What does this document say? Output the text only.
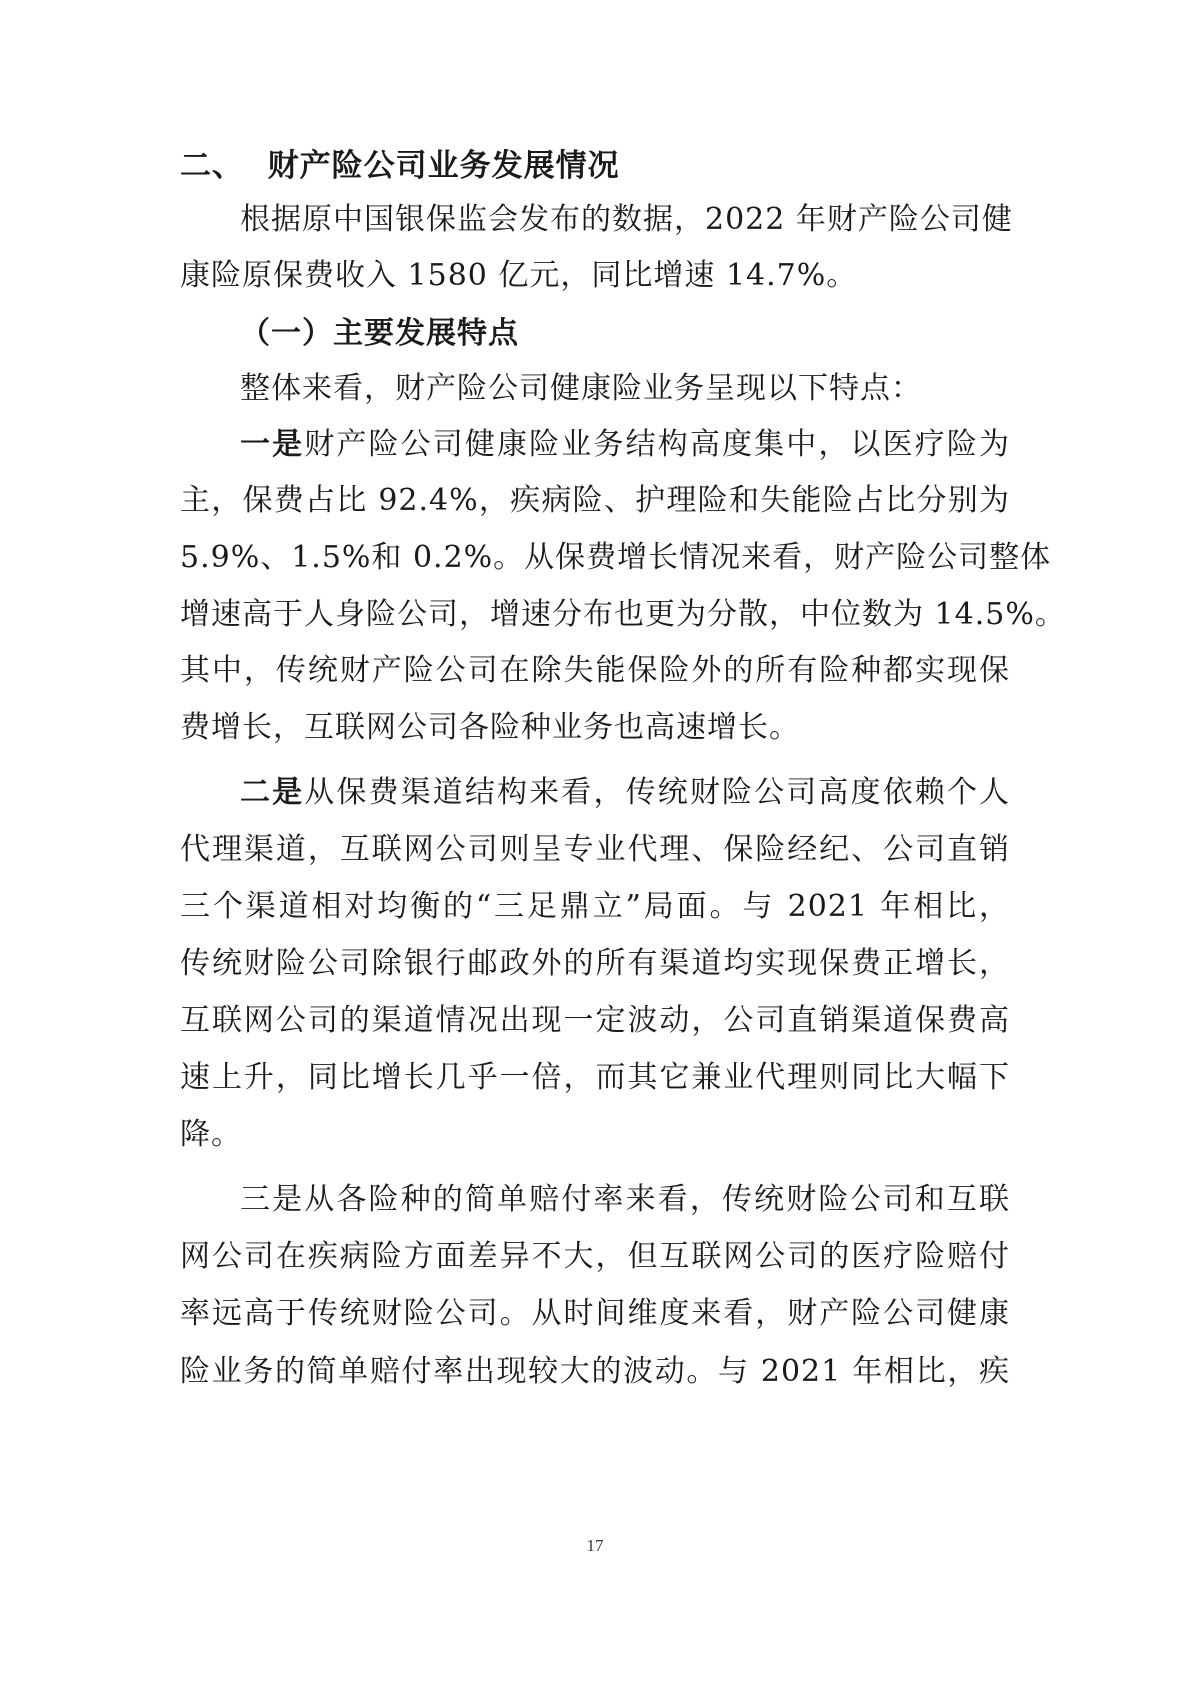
二、 财产险公司业务发展情况
根据原中国银保监会发布的数据，2022 年财产险公司健
康险原保费收入 1580 亿元，同比增速 14.7%。
（一）主要发展特点
整体来看，财产险公司健康险业务呈现以下特点：
一是财产险公司健康险业务结构高度集中，以医疗险为
主，保费占比 92.4%，疾病险、护理险和失能险占比分别为
5.9%、1.5%和 0.2%。从保费增长情况来看，财产险公司整体
增速高于人身险公司，增速分布也更为分散，中位数为 14.5%。
其中，传统财产险公司在除失能保险外的所有险种都实现保
费增长，互联网公司各险种业务也高速增长。
二是从保费渠道结构来看，传统财险公司高度依赖个人
代理渠道，互联网公司则呈专业代理、保险经纪、公司直销
三个渠道相对均衡的“三足鼎立”局面。与 2021 年相比，
传统财险公司除银行邮政外的所有渠道均实现保费正增长，
互联网公司的渠道情况出现一定波动，公司直销渠道保费高
速上升，同比增长几乎一倍，而其它兼业代理则同比大幅下
降。
三是从各险种的简单赔付率来看，传统财险公司和互联
网公司在疾病险方面差异不大，但互联网公司的医疗险赔付
率远高于传统财险公司。从时间维度来看，财产险公司健康
险业务的简单赔付率出现较大的波动。与 2021 年相比，疾
17
